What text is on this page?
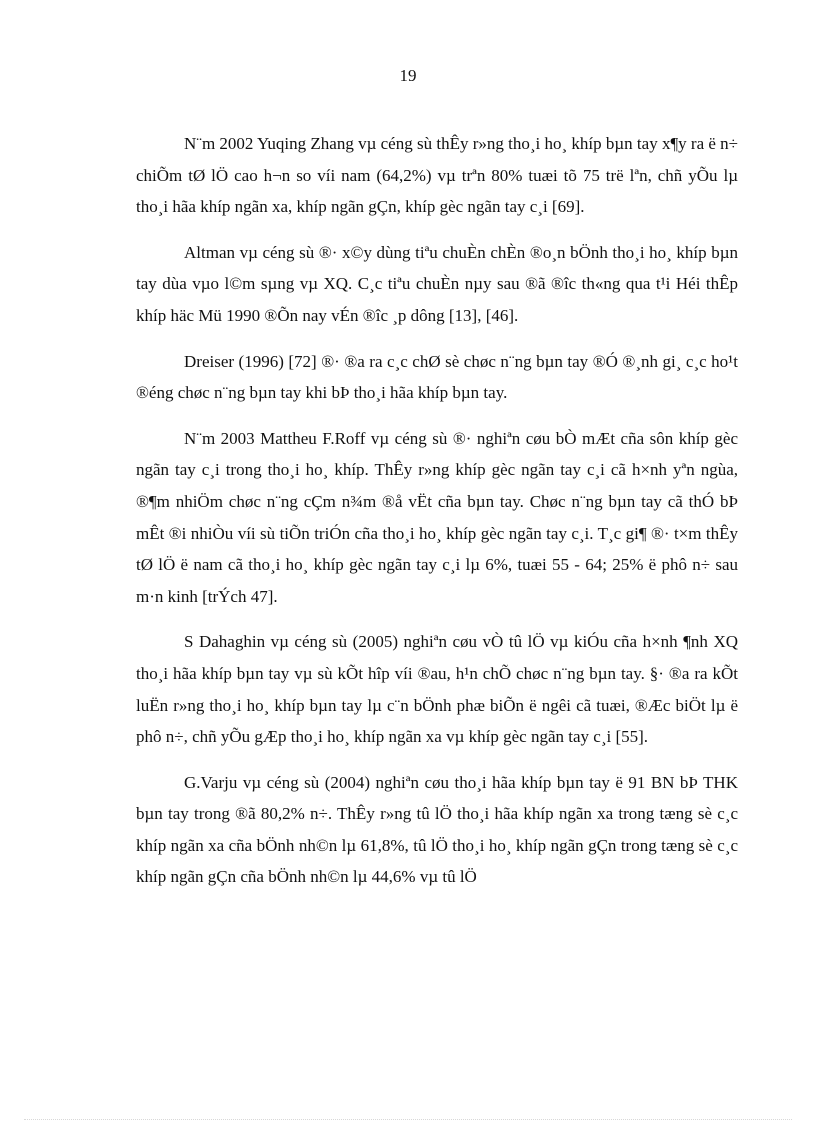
19

N¨m 2002 Yuqing Zhang vµ céng sù thÊy r»ng tho¸i ho¸ khíp bµn tay x¶y ra ë n÷ chiÕm tØ lÖ cao h¬n so víi nam (64,2%) vµ trªn 80% tuæi tõ 75 trë lªn, chñ yÕu lµ tho¸i hãa khíp ngãn xa, khíp ngãn gÇn, khíp gèc ngãn tay c¸i [69].

Altman vµ céng sù ®· x©y dùng tiªu chuÈn chÈn ®o¸n bÖnh tho¸i ho¸ khíp bµn tay dùa vµo l©m sµng vµ XQ. C¸c tiªu chuÈn nµy sau ®ã ®îc th«ng qua t¹i Héi thÊp khíp häc Mü 1990 ®Õn nay vÉn ®îc ¸p dông [13], [46].

Dreiser (1996) [72] ®· ®a ra c¸c chØ sè chøc n¨ng bµn tay ®Ó ®¸nh gi¸ c¸c ho¹t ®éng chøc n¨ng bµn tay khi bÞ tho¸i hãa khíp bµn tay.

N¨m 2003 Mattheu F.Roff vµ céng sù ®· nghiªn cøu bÒ mÆt cña sôn khíp gèc ngãn tay c¸i trong tho¸i ho¸ khíp. ThÊy r»ng khíp gèc ngãn tay c¸i cã h×nh yªn ngùa, ®¶m nhiÖm chøc n¨ng cÇm n¾m ®å vËt cña bµn tay. Chøc n¨ng bµn tay cã thÓ bÞ mÊt ®i nhiÒu víi sù tiÕn triÓn cña tho¸i ho¸ khíp gèc ngãn tay c¸i. T¸c gi¶ ®· t×m thÊy tØ lÖ ë nam cã tho¸i ho¸ khíp gèc ngãn tay c¸i lµ 6%, tuæi 55 - 64; 25% ë phô n÷ sau m·n kinh [trÝch 47].

S Dahaghin vµ céng sù (2005) nghiªn cøu vÒ tû lÖ vµ kiÓu cña h×nh ¶nh XQ tho¸i hãa khíp bµn tay vµ sù kÕt hîp víi ®au, h¹n chÕ chøc n¨ng bµn tay. §· ®a ra kÕt luËn r»ng tho¸i ho¸ khíp bµn tay lµ c¨n bÖnh phæ biÕn ë ngêi cã tuæi, ®Æc biÖt lµ ë phô n÷, chñ yÕu gÆp tho¸i ho¸ khíp ngãn xa vµ khíp gèc ngãn tay c¸i [55].

G.Varju vµ céng sù (2004) nghiªn cøu tho¸i hãa khíp bµn tay ë 91 BN bÞ THK bµn tay trong ®ã 80,2% n÷. ThÊy r»ng tû lÖ tho¸i hãa khíp ngãn xa trong tæng sè c¸c khíp ngãn xa cña bÖnh nh©n lµ 61,8%, tû lÖ tho¸i ho¸ khíp ngãn gÇn trong tæng sè c¸c khíp ngãn gÇn cña bÖnh nh©n lµ 44,6% vµ tû lÖ
